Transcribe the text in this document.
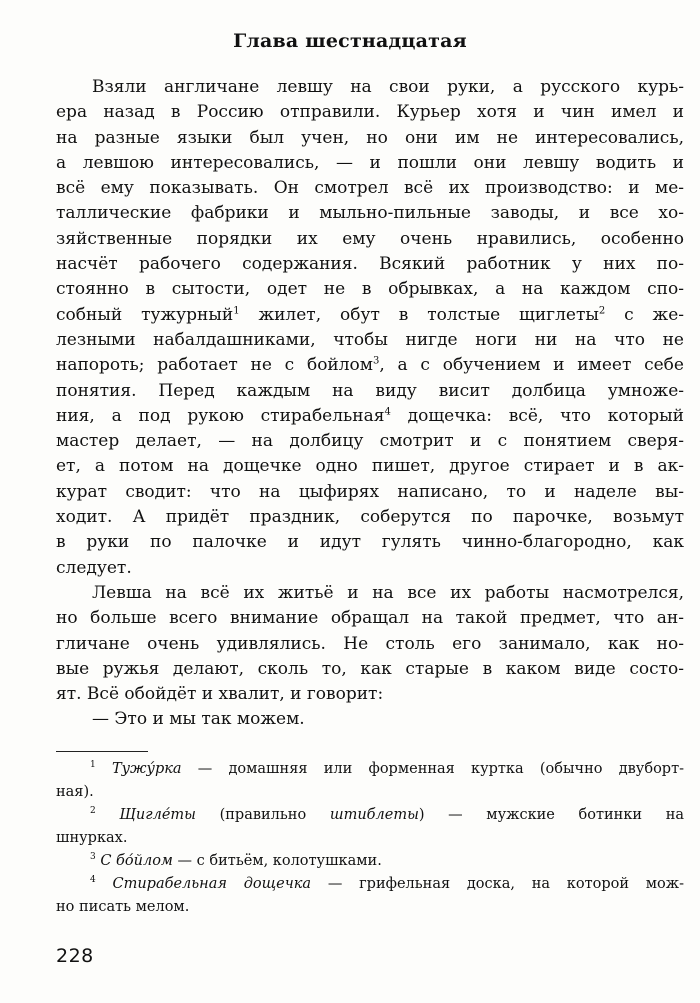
Глава шестнадцатая
Взяли англичане левшу на свои руки, а русского курь-
ера назад в Россию отправили. Курьер хотя и чин имел и
на разные языки был учен, но они им не интересовались,
а левшою интересовались, — и пошли они левшу водить и
всё ему показывать. Он смотрел всё их производство: и ме-
таллические фабрики и мыльно-пильные заводы, и все хо-
зяйственные порядки их ему очень нравились, особенно
насчёт рабочего содержания. Всякий работник у них по-
стоянно в сытости, одет не в обрывках, а на каждом спо-
собный тужурный$^1$ жилет, обут в толстые щиглеты$^2$ с же-
лезными набалдашниками, чтобы нигде ноги ни на что не
напороть; работает не с бойлом$^3$, а с обучением и имеет себе
понятия. Перед каждым на виду висит долбица умноже-
ния, а под рукою стирабельная$^4$ дощечка: всё, что который
мастер делает, — на долбицу смотрит и с понятием сверя-
ет, а потом на дощечке одно пишет, другое стирает и в ак-
курат сводит: что на цыфирях написано, то и наделе вы-
ходит. А придёт праздник, соберутся по парочке, возьмут
в руки по палочке и идут гулять чинно-благородно, как
следует.
Левша на всё их житьё и на все их работы насмотрелся,
но больше всего внимание обращал на такой предмет, что ан-
гличане очень удивлялись. Не столь его занимало, как но-
вые ружья делают, сколь то, как старые в каком виде состо-
ят. Всё обойдёт и хвалит, и говорит:
— Это и мы так можем.
$^1$ Тужу́рка — домашняя или форменная куртка (обычно двуборт-
ная).
$^2$ Щигле́ты (правильно штиблеты) — мужские ботинки на
шнурках.
$^3$ С бо́йлом — с битьём, колотушками.
$^4$ Стирабельная дощечка — грифельная доска, на которой мож-
но писать мелом.
228
